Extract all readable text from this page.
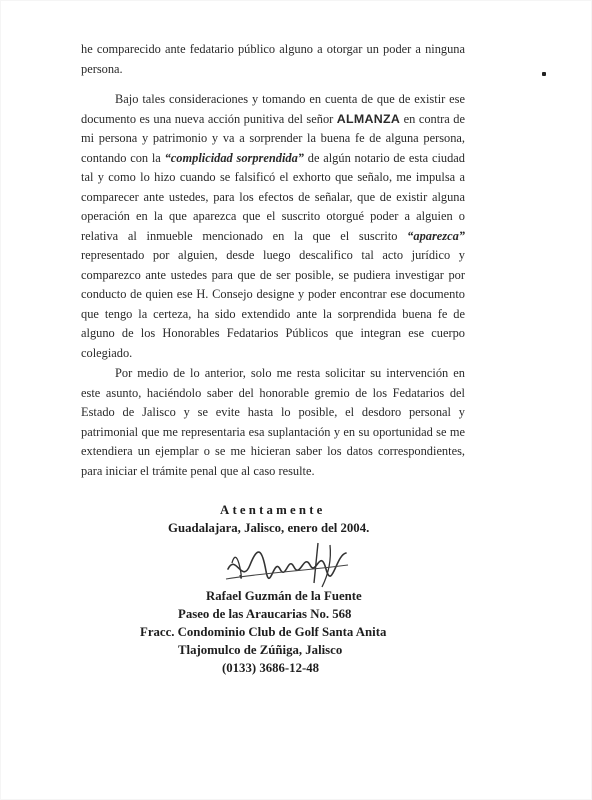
he comparecido ante fedatario público alguno a otorgar un poder a ninguna persona.

Bajo tales consideraciones y tomando en cuenta de que de existir ese documento es una nueva acción punitiva del señor ALMANZA en contra de mi persona y patrimonio y va a sorprender la buena fe de alguna persona, contando con la “complicidad sorprendida” de algún notario de esta ciudad tal y como lo hizo cuando se falsificó el exhorto que señalo, me impulsa a comparecer ante ustedes, para los efectos de señalar, que de existir alguna operación en la que aparezca que el suscrito otorgué poder a alguien o relativa al inmueble mencionado en la que el suscrito “aparezca” representado por alguien, desde luego descalifico tal acto jurídico y comparezco ante ustedes para que de ser posible, se pudiera investigar por conducto de quien ese H. Consejo designe y poder encontrar ese documento que tengo la certeza, ha sido extendido ante la sorprendida buena fe de alguno de los Honorables Fedatarios Públicos que integran ese cuerpo colegiado.

Por medio de lo anterior, solo me resta solicitar su intervención en este asunto, haciéndolo saber del honorable gremio de los Fedatarios del Estado de Jalisco y se evite hasta lo posible, el desdoro personal y patrimonial que me representaria esa suplantación y en su oportunidad se me extendiera un ejemplar o se me hicieran saber los datos correspondientes, para iniciar el trámite penal que al caso resulte.

Atentamente
Guadalajara, Jalisco, enero del 2004.
Rafael Guzmán de la Fuente
Paseo de las Araucarias No. 568
Fracc. Condominio Club de Golf Santa Anita
Tlajomulco de Zúñiga, Jalisco
(0133) 3686-12-48
